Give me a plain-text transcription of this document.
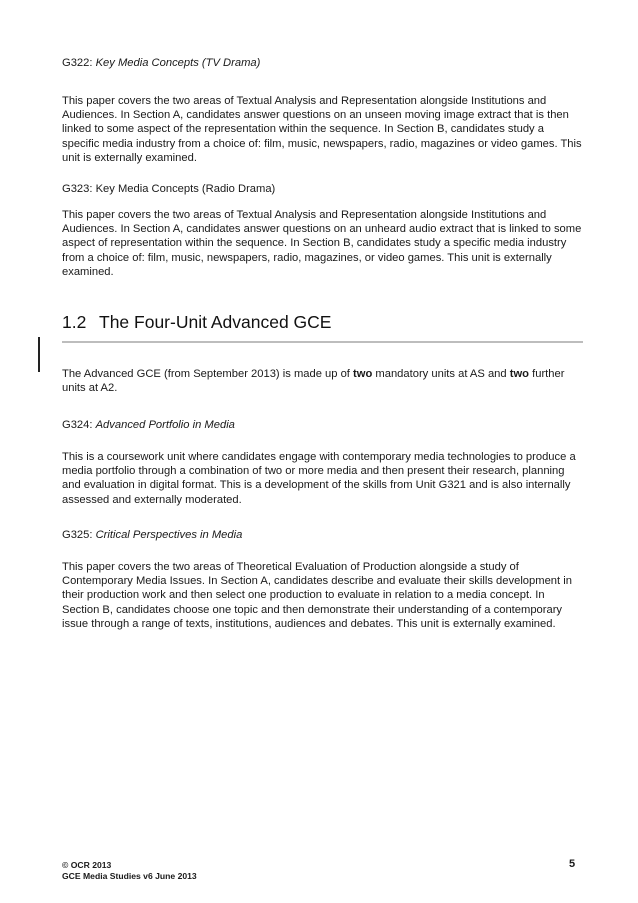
G322: Key Media Concepts (TV Drama)

This paper covers the two areas of Textual Analysis and Representation alongside Institutions and Audiences. In Section A, candidates answer questions on an unseen moving image extract that is then linked to some aspect of the representation within the sequence. In Section B, candidates study a specific media industry from a choice of: film, music, newspapers, radio, magazines or video games. This unit is externally examined.

G323: Key Media Concepts (Radio Drama)

This paper covers the two areas of Textual Analysis and Representation alongside Institutions and Audiences. In Section A, candidates answer questions on an unheard audio extract that is linked to some aspect of representation within the sequence. In Section B, candidates study a specific media industry from a choice of: film, music, newspapers, radio, magazines, or video games. This unit is externally examined.

1.2 The Four-Unit Advanced GCE

The Advanced GCE (from September 2013) is made up of two mandatory units at AS and two further units at A2.

G324: Advanced Portfolio in Media

This is a coursework unit where candidates engage with contemporary media technologies to produce a media portfolio through a combination of two or more media and then present their research, planning and evaluation in digital format. This is a development of the skills from Unit G321 and is also internally assessed and externally moderated.

G325: Critical Perspectives in Media

This paper covers the two areas of Theoretical Evaluation of Production alongside a study of Contemporary Media Issues. In Section A, candidates describe and evaluate their skills development in their production work and then select one production to evaluate in relation to a media concept. In Section B, candidates choose one topic and then demonstrate their understanding of a contemporary issue through a range of texts, institutions, audiences and debates. This unit is externally examined.

© OCR 2013
GCE Media Studies v6 June 2013
5
